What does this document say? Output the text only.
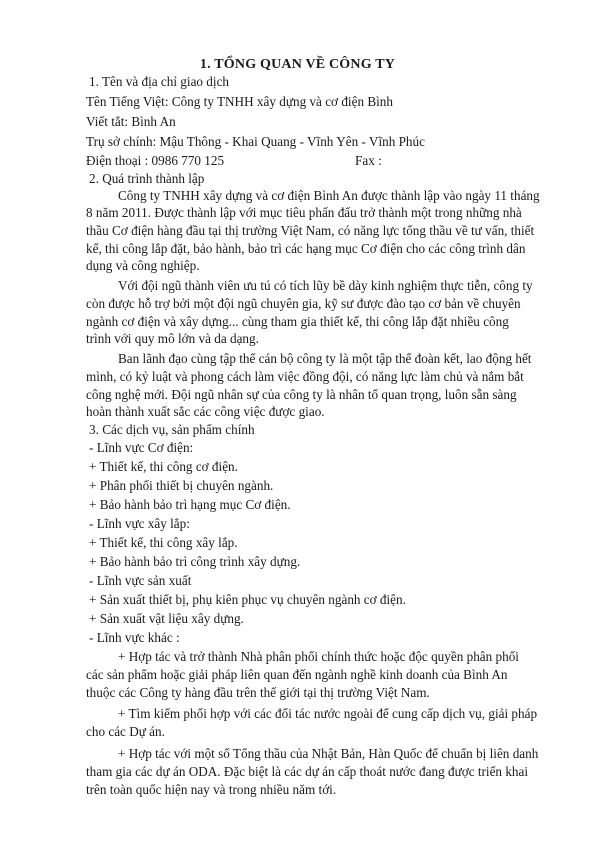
1. TỔNG QUAN VỀ CÔNG TY
1. Tên và địa chỉ giao dịch
Tên Tiếng Việt: Công ty TNHH xây dựng và cơ điện Bình
Viết tắt: Bình An
Trụ sở chính: Mậu Thông - Khai Quang - Vĩnh Yên - Vĩnh Phúc
Điện thoại : 0986 770 125	Fax :
2. Quá trình thành lập
Công ty TNHH xây dựng và cơ điện Bình An được thành lập vào ngày 11 tháng
8 năm 2011. Được thành lập với mục tiêu phấn đấu trở thành một trong những nhà
thầu Cơ điện hàng đầu tại thị trường Việt Nam, có năng lực tổng thầu về tư vấn, thiết
kế, thi công lắp đặt, bảo hành, bảo trì các hạng mục Cơ điện cho các công trình dân
dụng và công nghiệp.
Với đội ngũ thành viên ưu tú có tích lũy bề dày kinh nghiệm thực tiễn, công ty
còn được hỗ trợ bởi một đội ngũ chuyên gia, kỹ sư được đào tạo cơ bản về chuyên
ngành cơ điện và xây dựng... cùng tham gia thiết kế, thi công lắp đặt nhiều công
trình với quy mô lớn và da dạng.
Ban lãnh đạo cùng tập thể cán bộ công ty là một tập thể đoàn kết, lao động hết
mình, có kỷ luật và phong cách làm việc đồng đội, có năng lực làm chủ và nắm bắt
công nghệ mới. Đội ngũ nhân sự của công ty là nhân tố quan trọng, luôn sẵn sàng
hoàn thành xuất sắc các công việc được giao.
3. Các dịch vụ, sản phẩm chính
- Lĩnh vực Cơ điện:
+ Thiết kế, thi công cơ điện.
+ Phân phối thiết bị chuyên ngành.
+ Bảo hành bảo trì hạng mục Cơ điện.
- Lĩnh vực xây lắp:
+ Thiết kế, thi công xây lắp.
+ Bảo hành bảo trì công trình xây dựng.
- Lĩnh vực sản xuất
+ Sản xuất thiết bị, phụ kiên phục vụ chuyên ngành cơ điện.
+ Sản xuất vật liệu xây dựng.
- Lĩnh vực khác :
+ Hợp tác và trở thành Nhà phân phối chính thức hoặc độc quyền phân phối
các sản phẩm hoặc giải pháp liên quan đến ngành nghề kinh doanh của Bình An
thuộc các Công ty hàng đầu trên thế giới tại thị trường Việt Nam.
+ Tìm kiếm phối hợp với các đối tác nước ngoài để cung cấp dịch vụ, giải pháp
cho các Dự án.
+ Hợp tác với một số Tổng thầu của Nhật Bản, Hàn Quốc để chuẩn bị liên danh
tham gia các dự án ODA. Đặc biệt là các dự án cấp thoát nước đang được triển khai
trên toàn quốc hiện nay và trong nhiều năm tới.
